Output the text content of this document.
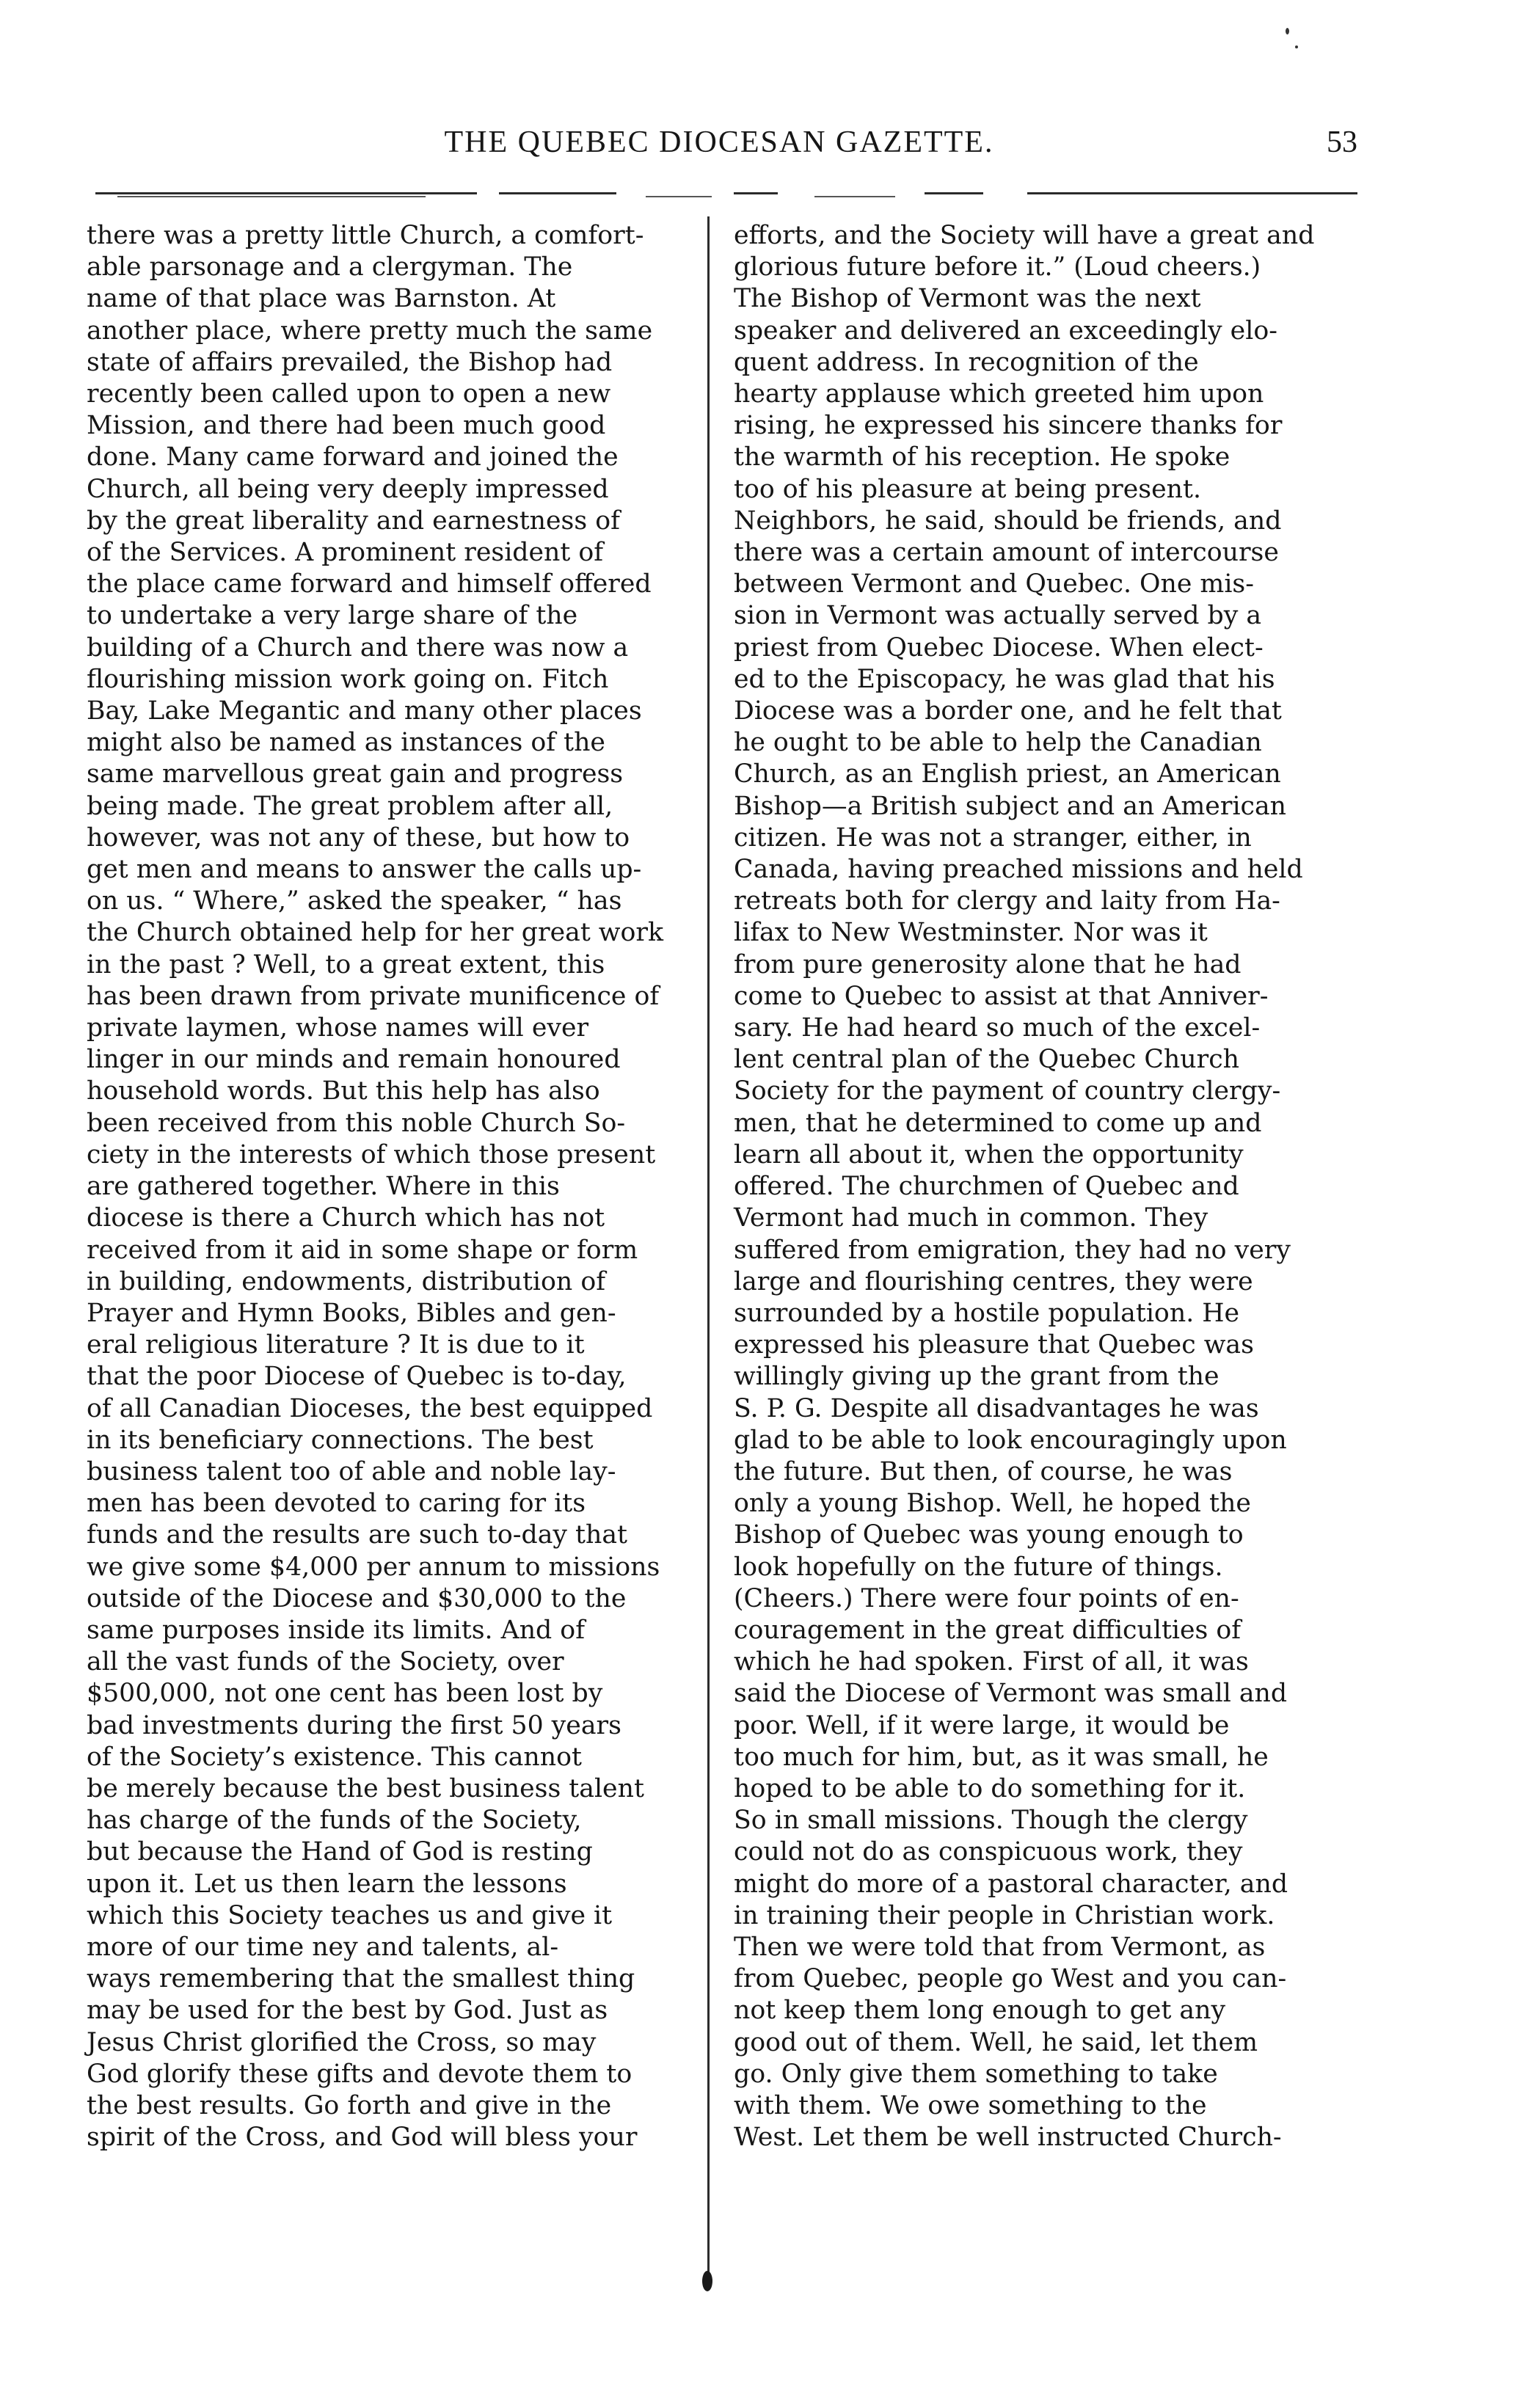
THE QUEBEC DIOCESAN GAZETTE.	53

there was a pretty little Church, a comfort-

able parsonage and a clergyman. The

name of that place was Barnston. At

another place, where pretty much the same

state of affairs prevailed, the Bishop had

recently been called upon to open a new

Mission, and there had been much good

done. Many came forward and joined the

Church, all being very deeply impressed

by the great liberality and earnestness of

of the Services. A prominent resident of

the place came forward and himself offered

to undertake a very large share of the

building of a Church and there was now a

flourishing mission work going on. Fitch

Bay, Lake Megantic and many other places

might also be named as instances of the

same marvellous great gain and progress

being made. The great problem after all,

however, was not any of these, but how to

get men and means to answer the calls up-

on us. “ Where,” asked the speaker, “ has

the Church obtained help for her great work

in the past ? Well, to a great extent, this

has been drawn from private munificence of

private laymen, whose names will ever

linger in our minds and remain honoured

household words. But this help has also

been received from this noble Church So-

ciety in the interests of which those present

are gathered together. Where in this

diocese is there a Church which has not

received from it aid in some shape or form

in building, endowments, distribution of

Prayer and Hymn Books, Bibles and gen-

eral religious literature ? It is due to it

that the poor Diocese of Quebec is to-day,

of all Canadian Dioceses, the best equipped

in its beneficiary connections. The best

business talent too of able and noble lay-

men has been devoted to caring for its

funds and the results are such to-day that

we give some $4,000 per annum to missions

outside of the Diocese and $30,000 to the

same purposes inside its limits. And of

all the vast funds of the Society, over

$500,000, not one cent has been lost by

bad investments during the first 50 years

of the Society’s existence. This cannot

be merely because the best business talent

has charge of the funds of the Society,

but because the Hand of God is resting

upon it. Let us then learn the lessons

which this Society teaches us and give it

more of our time ney and talents, al-

ways remembering that the smallest thing

may be used for the best by God. Just as

Jesus Christ glorified the Cross, so may

God glorify these gifts and devote them to

the best results. Go forth and give in the

spirit of the Cross, and God will bless your

efforts, and the Society will have a great and

glorious future before it.” (Loud cheers.)

The Bishop of Vermont was the next

speaker and delivered an exceedingly elo-

quent address. In recognition of the

hearty applause which greeted him upon

rising, he expressed his sincere thanks for

the warmth of his reception. He spoke

too of his pleasure at being present.

Neighbors, he said, should be friends, and

there was a certain amount of intercourse

between Vermont and Quebec. One mis-

sion in Vermont was actually served by a

priest from Quebec Diocese. When elect-

ed to the Episcopacy, he was glad that his

Diocese was a border one, and he felt that

he ought to be able to help the Canadian

Church, as an English priest, an American

Bishop—a British subject and an American

citizen. He was not a stranger, either, in

Canada, having preached missions and held

retreats both for clergy and laity from Ha-

lifax to New Westminster. Nor was it

from pure generosity alone that he had

come to Quebec to assist at that Anniver-

sary. He had heard so much of the excel-

lent central plan of the Quebec Church

Society for the payment of country clergy-

men, that he determined to come up and

learn all about it, when the opportunity

offered. The churchmen of Quebec and

Vermont had much in common. They

suffered from emigration, they had no very

large and flourishing centres, they were

surrounded by a hostile population. He

expressed his pleasure that Quebec was

willingly giving up the grant from the

S. P. G. Despite all disadvantages he was

glad to be able to look encouragingly upon

the future. But then, of course, he was

only a young Bishop. Well, he hoped the

Bishop of Quebec was young enough to

look hopefully on the future of things.

(Cheers.) There were four points of en-

couragement in the great difficulties of

which he had spoken. First of all, it was

said the Diocese of Vermont was small and

poor. Well, if it were large, it would be

too much for him, but, as it was small, he

hoped to be able to do something for it.

So in small missions. Though the clergy

could not do as conspicuous work, they

might do more of a pastoral character, and

in training their people in Christian work.

Then we were told that from Vermont, as

from Quebec, people go West and you can-

not keep them long enough to get any

good out of them. Well, he said, let them

go. Only give them something to take

with them. We owe something to the

West. Let them be well instructed Church-
